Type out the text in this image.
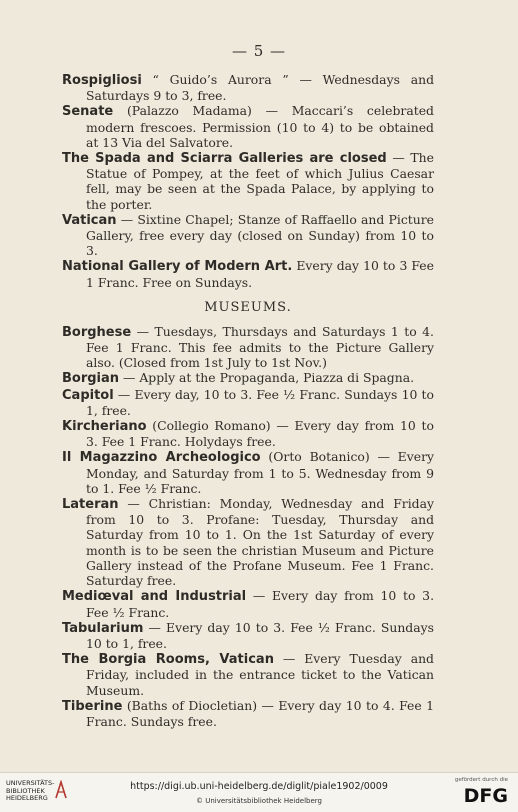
— 5 —

Rospigliosi “ Guido’s Aurora ” — Wednesdays and Saturdays 9 to 3, free.

Senate (Palazzo Madama) — Maccari’s celebrated modern frescoes. Permission (10 to 4) to be obtained at 13 Via del Salvatore.

The Spada and Sciarra Galleries are closed — The Statue of Pompey, at the feet of which Julius Caesar fell, may be seen at the Spada Palace, by applying to the porter.

Vatican — Sixtine Chapel; Stanze of Raffaello and Picture Gallery, free every day (closed on Sunday) from 10 to 3.

National Gallery of Modern Art. Every day 10 to 3 Fee 1 Franc. Free on Sundays.

MUSEUMS.

Borghese — Tuesdays, Thursdays and Saturdays 1 to 4. Fee 1 Franc. This fee admits to the Picture Gallery also. (Closed from 1st July to 1st Nov.)

Borgian — Apply at the Propaganda, Piazza di Spagna.

Capitol — Every day, 10 to 3. Fee ½ Franc. Sundays 10 to 1, free.

Kircheriano (Collegio Romano) — Every day from 10 to 3. Fee 1 Franc. Holydays free.

Il Magazzino Archeologico (Orto Botanico) — Every Monday, and Saturday from 1 to 5. Wednesday from 9 to 1. Fee ½ Franc.

Lateran — Christian: Monday, Wednesday and Friday from 10 to 3. Profane: Tuesday, Thursday and Saturday from 10 to 1. On the 1st Saturday of every month is to be seen the christian Museum and Picture Gallery instead of the Profane Museum. Fee 1 Franc. Saturday free.

Mediœval and Industrial — Every day from 10 to 3. Fee ½ Franc.

Tabularium — Every day 10 to 3. Fee ½ Franc. Sundays 10 to 1, free.

The Borgia Rooms, Vatican — Every Tuesday and Friday, included in the entrance ticket to the Vatican Museum.

Tiberine (Baths of Diocletian) — Every day 10 to 4. Fee 1 Franc. Sundays free.

UNIVERSITÄTS-
BIBLIOTHEK
HEIDELBERG
https://digi.ub.uni-heidelberg.de/diglit/piale1902/0009
© Universitätsbibliothek Heidelberg
gefördert durch die
DFG
